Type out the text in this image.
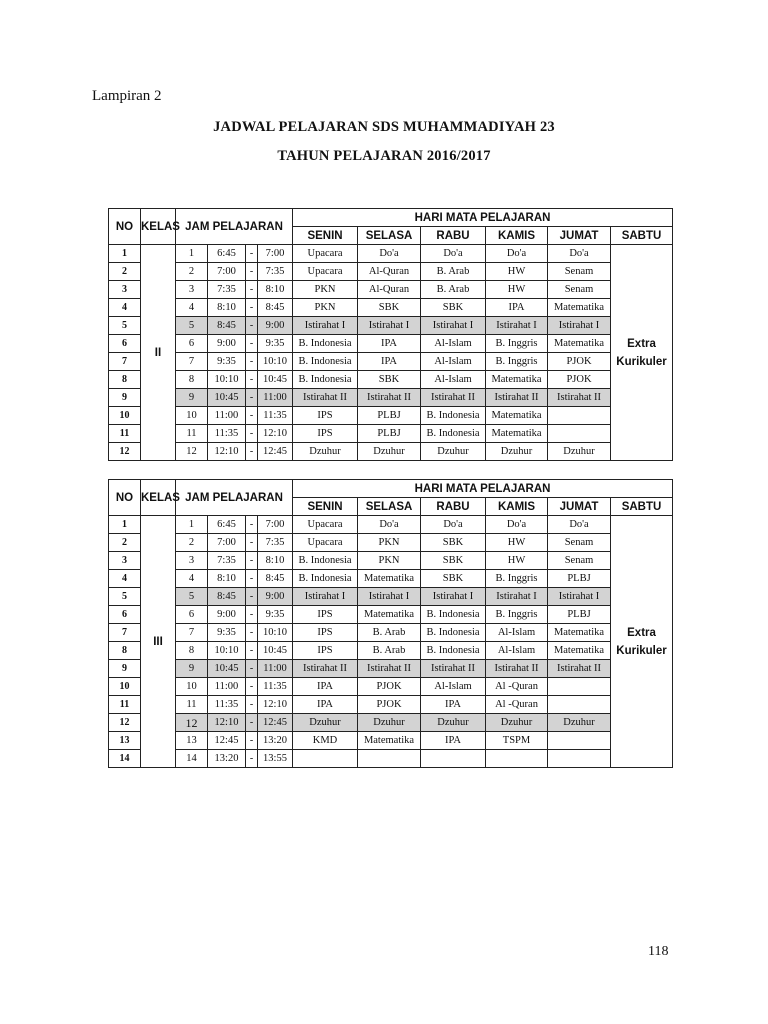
Lampiran 2
JADWAL PELAJARAN SDS MUHAMMADIYAH 23
TAHUN PELAJARAN 2016/2017
NO	KELAS	JAM PELAJARAN				HARI MATA PELAJARAN					
						SENIN	SELASA	RABU	KAMIS	JUMAT	SABTU
1	II	1	6:45	-	7:00	Upacara	Do'a	Do'a	Do'a	Do'a	Extra Kurikuler
2		2	7:00	-	7:35	Upacara	Al-Quran	B. Arab	HW	Senam	
3		3	7:35	-	8:10	PKN	Al-Quran	B. Arab	HW	Senam	
4		4	8:10	-	8:45	PKN	SBK	SBK	IPA	Matematika	
5		5	8:45	-	9:00	Istirahat I	Istirahat I	Istirahat I	Istirahat I	Istirahat I	
6		6	9:00	-	9:35	B. Indonesia	IPA	Al-Islam	B. Inggris	Matematika	
7		7	9:35	-	10:10	B. Indonesia	IPA	Al-Islam	B. Inggris	PJOK	
8		8	10:10	-	10:45	B. Indonesia	SBK	Al-Islam	Matematika	PJOK	
9		9	10:45	-	11:00	Istirahat II	Istirahat II	Istirahat II	Istirahat II	Istirahat II	
10		10	11:00	-	11:35	IPS	PLBJ	B. Indonesia	Matematika		
11		11	11:35	-	12:10	IPS	PLBJ	B. Indonesia	Matematika		
12		12	12:10	-	12:45	Dzuhur	Dzuhur	Dzuhur	Dzuhur	Dzuhur	
NO	KELAS	JAM PELAJARAN				HARI MATA PELAJARAN					
						SENIN	SELASA	RABU	KAMIS	JUMAT	SABTU
1	III	1	6:45	-	7:00	Upacara	Do'a	Do'a	Do'a	Do'a	Extra Kurikuler
2		2	7:00	-	7:35	Upacara	PKN	SBK	HW	Senam	
3		3	7:35	-	8:10	B. Indonesia	PKN	SBK	HW	Senam	
4		4	8:10	-	8:45	B. Indonesia	Matematika	SBK	B. Inggris	PLBJ	
5		5	8:45	-	9:00	Istirahat I	Istirahat I	Istirahat I	Istirahat I	Istirahat I	
6		6	9:00	-	9:35	IPS	Matematika	B. Indonesia	B. Inggris	PLBJ	
7		7	9:35	-	10:10	IPS	B. Arab	B. Indonesia	Al-Islam	Matematika	
8		8	10:10	-	10:45	IPS	B. Arab	B. Indonesia	Al-Islam	Matematika	
9		9	10:45	-	11:00	Istirahat II	Istirahat II	Istirahat II	Istirahat II	Istirahat II	
10		10	11:00	-	11:35	IPA	PJOK	Al-Islam	Al -Quran		
11		11	11:35	-	12:10	IPA	PJOK	IPA	Al -Quran		
12		12	12:10	-	12:45	Dzuhur	Dzuhur	Dzuhur	Dzuhur	Dzuhur	
13		13	12:45	-	13:20	KMD	Matematika	IPA	TSPM		
14		14	13:20	-	13:55						
118
